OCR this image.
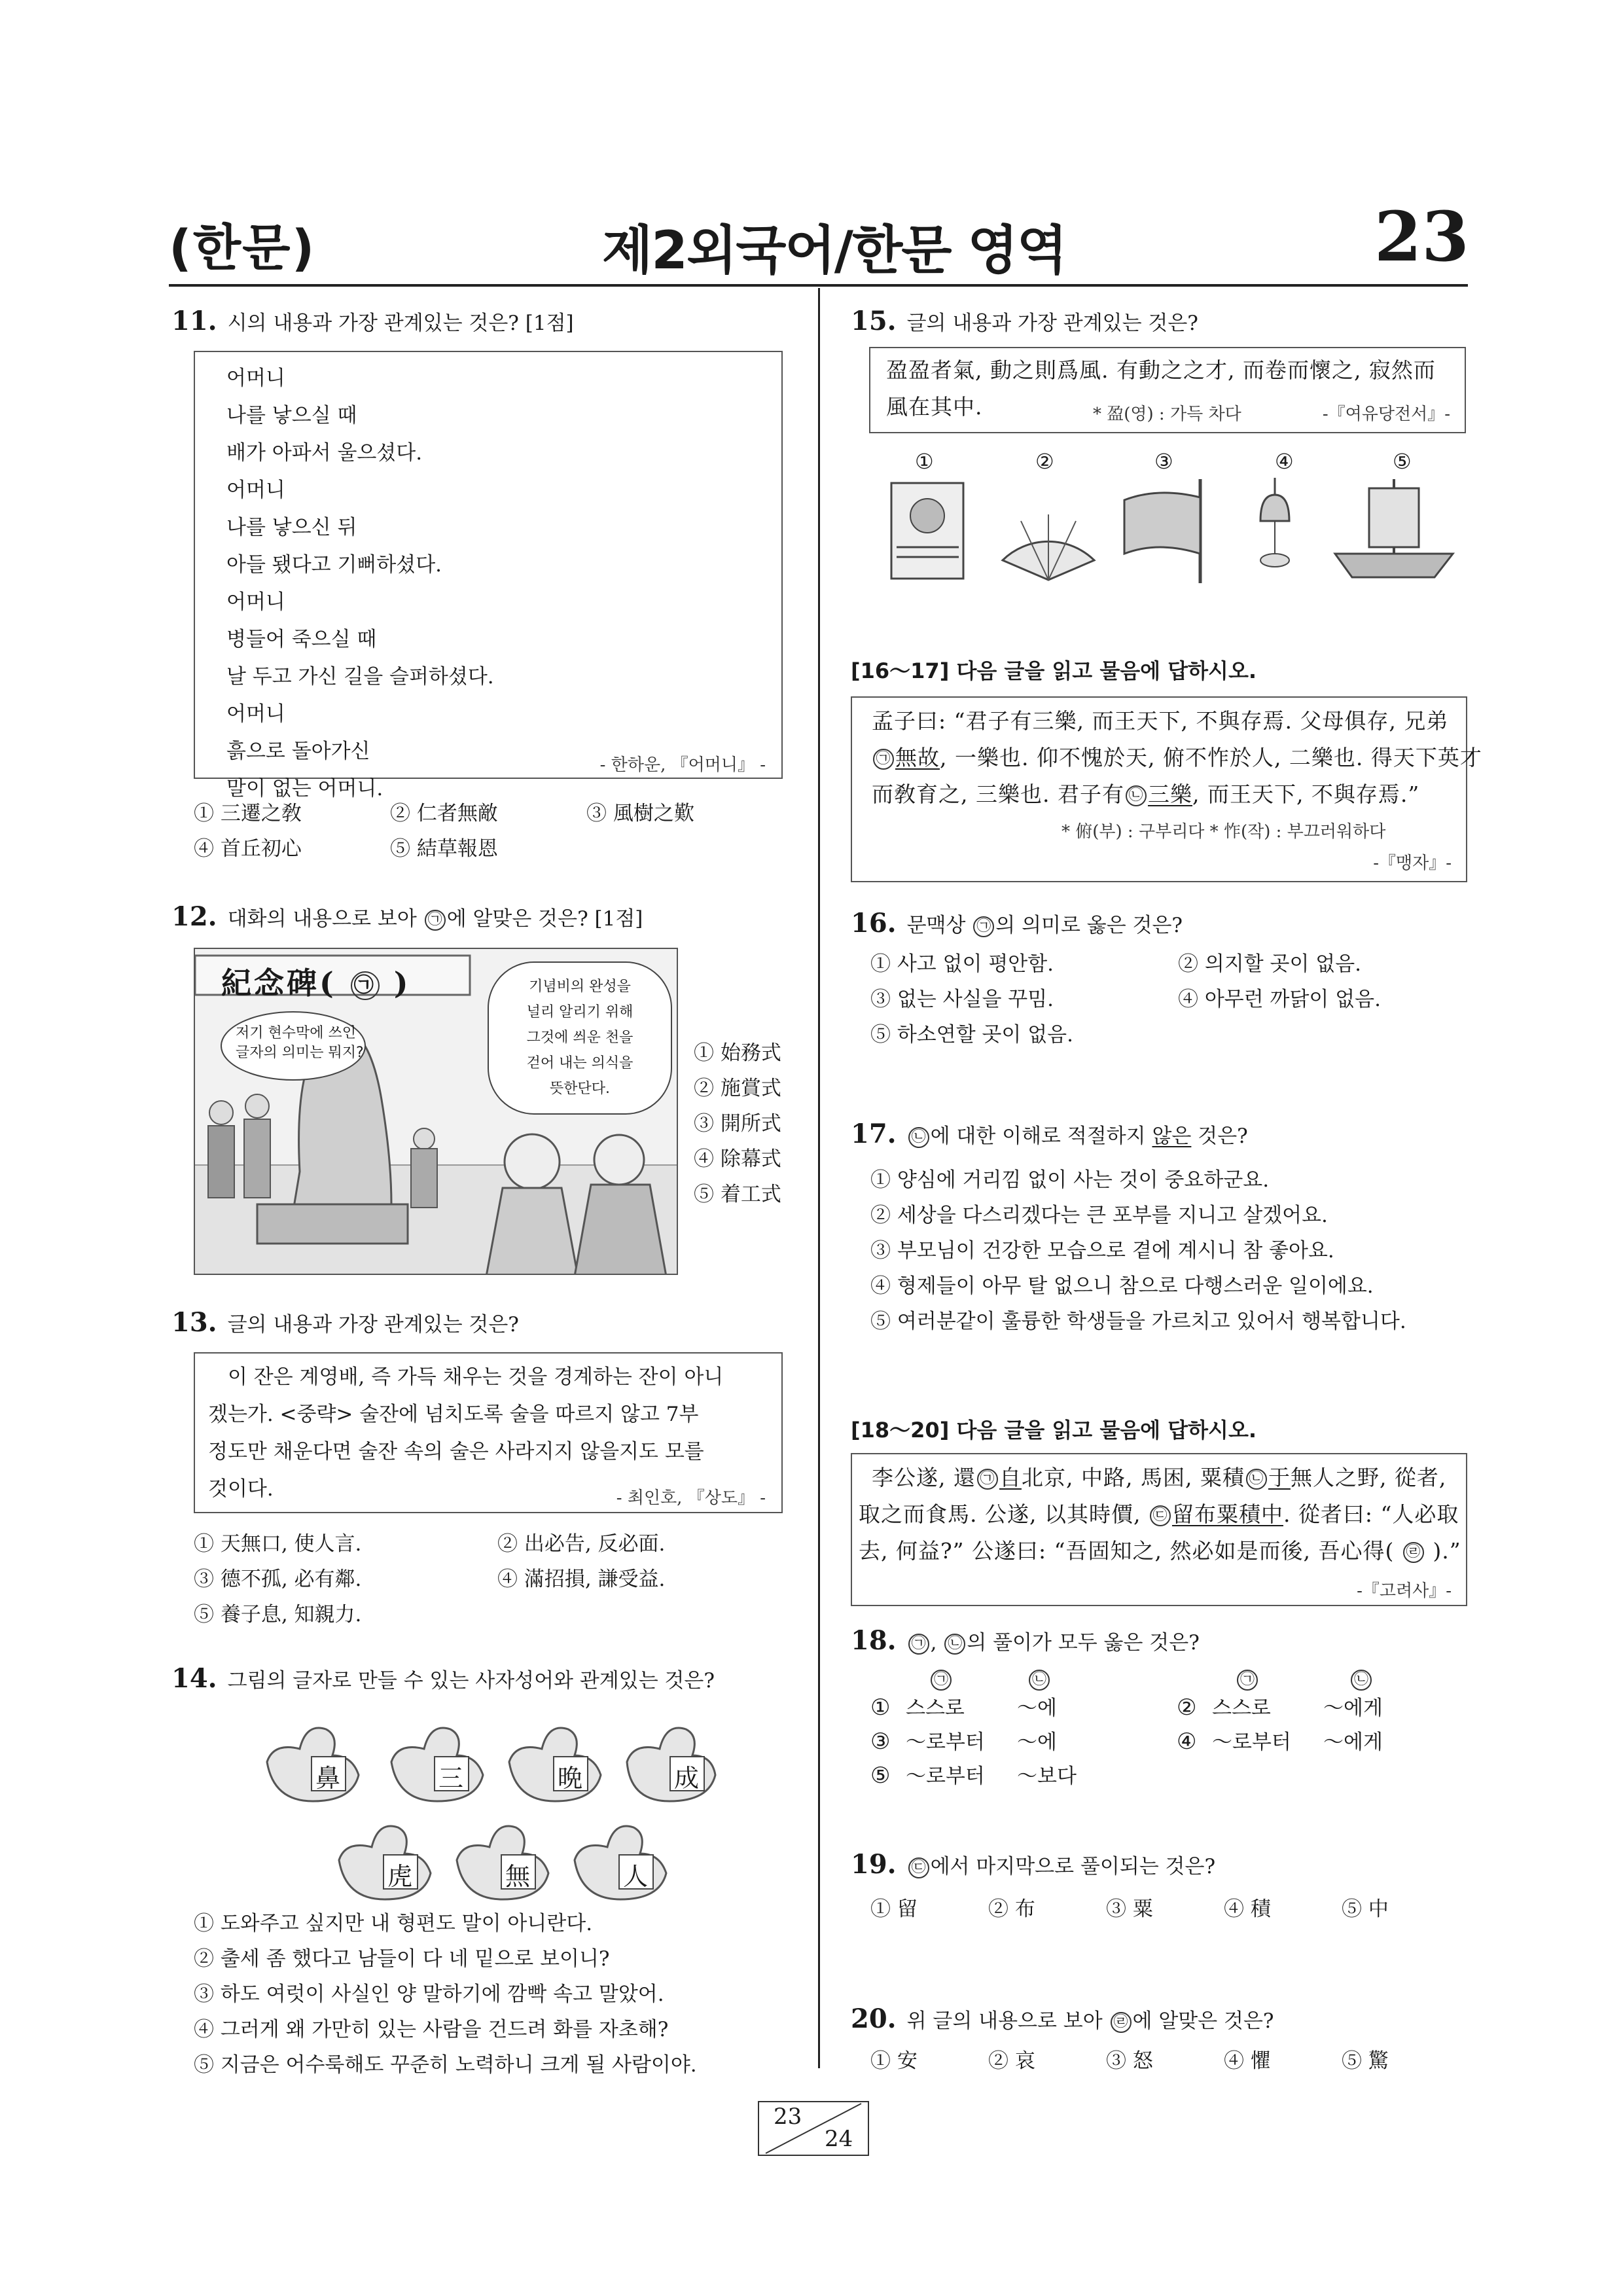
(한문)	제2외국어/한문 영역	23
11. 시의 내용과 가장 관계있는 것은? [1점]
어머니
나를 낳으실 때
배가 아파서 울으셨다.
어머니
나를 낳으신 뒤
아들 됐다고 기뻐하셨다.
어머니
병들어 죽으실 때
날 두고 가신 길을 슬퍼하셨다.
어머니
흙으로 돌아가신
말이 없는 어머니.
- 한하운, 『어머니』 -
① 三遷之敎	② 仁者無敵	③ 風樹之歎
④ 首丘初心	⑤ 結草報恩
12. 대화의 내용으로 보아 ㉠ 에 알맞은 것은? [1점]
紀念碑( ㉠ )
저기 현수막에 쓰인
글자의 의미는 뭐지?
기념비의 완성을
널리 알리기 위해
그것에 씌운 천을
걷어 내는 의식을
뜻한단다.
① 始務式
② 施賞式
③ 開所式
④ 除幕式
⑤ 着工式
13. 글의 내용과 가장 관계있는 것은?
이 잔은 계영배, 즉 가득 채우는 것을 경계하는 잔이 아니
겠는가. <중략> 술잔에 넘치도록 술을 따르지 않고 7부
정도만 채운다면 술잔 속의 술은 사라지지 않을지도 모를
것이다.	- 최인호, 『상도』 -
① 天無口, 使人言.	② 出必告, 反必面.
③ 德不孤, 必有鄰.	④ 滿招損, 謙受益.
⑤ 養子息, 知親力.
14. 그림의 글자로 만들 수 있는 사자성어와 관계있는 것은?
鼻	三	晩	成
虎	無	人
① 도와주고 싶지만 내 형편도 말이 아니란다.
② 출세 좀 했다고 남들이 다 네 밑으로 보이니?
③ 하도 여럿이 사실인 양 말하기에 깜빡 속고 말았어.
④ 그러게 왜 가만히 있는 사람을 건드려 화를 자초해?
⑤ 지금은 어수룩해도 꾸준히 노력하니 크게 될 사람이야.
15. 글의 내용과 가장 관계있는 것은?
盈盈者氣, 動之則爲風. 有動之之才, 而卷而懷之, 寂然而
風在其中.	* 盈(영) : 가득 차다	-『여유당전서』-
①	②	③	④	⑤
[16～17] 다음 글을 읽고 물음에 답하시오.
孟子曰: “君子有三樂, 而王天下, 不與存焉. 父母俱存, 兄弟
㉠ 無故, 一樂也. 仰不愧於天, 俯不怍於人, 二樂也. 得天下英才
而敎育之, 三樂也. 君子有 ㉡ 三樂, 而王天下, 不與存焉.”
* 俯(부) : 구부리다 * 怍(작) : 부끄러워하다
-『맹자』-
16. 문맥상 ㉠ 의 의미로 옳은 것은?
① 사고 없이 평안함.	② 의지할 곳이 없음.
③ 없는 사실을 꾸밈.	④ 아무런 까닭이 없음.
⑤ 하소연할 곳이 없음.
17. ㉡ 에 대한 이해로 적절하지 않은 것은?
① 양심에 거리낌 없이 사는 것이 중요하군요.
② 세상을 다스리겠다는 큰 포부를 지니고 살겠어요.
③ 부모님이 건강한 모습으로 곁에 계시니 참 좋아요.
④ 형제들이 아무 탈 없으니 참으로 다행스러운 일이에요.
⑤ 여러분같이 훌륭한 학생들을 가르치고 있어서 행복합니다.
[18～20] 다음 글을 읽고 물음에 답하시오.
李公遂, 還 ㉠ 自北京, 中路, 馬困, 粟積 ㉡ 于無人之野, 從者,
取之而食馬. 公遂, 以其時價, ㉢ 留布粟積中. 從者曰: “人必取
去, 何益?” 公遂曰: “吾固知之, 然必如是而後, 吾心得( ㉣ ).”
-『고려사』-
18. ㉠ , ㉡ 의 풀이가 모두 옳은 것은?
㉠	㉡	㉠	㉡
① 스스로	～에	② 스스로	～에게
③ ～로부터 ～에	④ ～로부터 ～에게
⑤ ～로부터 ～보다
19. ㉢ 에서 마지막으로 풀이되는 것은?
① 留	② 布	③ 粟	④ 積	⑤ 中
20. 위 글의 내용으로 보아 ㉣ 에 알맞은 것은?
① 安	② 哀	③ 怒	④ 懼	⑤ 驚
23
24
